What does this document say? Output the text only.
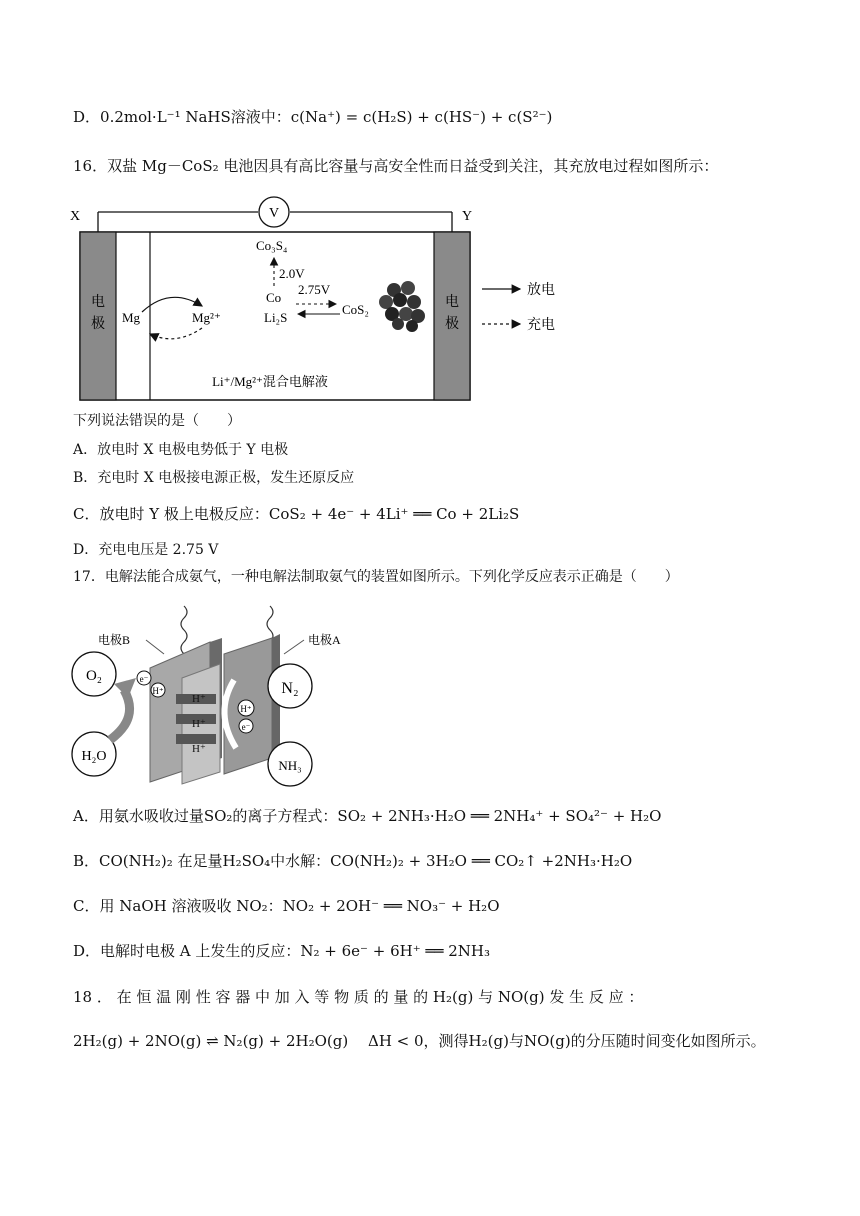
D．0.2mol·L⁻¹ NaHS溶液中：c(Na⁺) = c(H₂S) + c(HS⁻) + c(S²⁻)
16．双盐 Mg－CoS₂ 电池因具有高比容量与高安全性而日益受到关注，其充放电过程如图所示：
V
X	Y
电
极
电
极
Mg	Mg²⁺
Co₃S₄
2.0V
2.75V
Co
Li₂S
CoS₂
Li⁺/Mg²⁺混合电解液
放电
充电
下列说法错误的是（　　）
A．放电时 X 电极电势低于 Y 电极
B．充电时 X 电极接电源正极，发生还原反应
C．放电时 Y 极上电极反应：CoS₂ + 4e⁻ + 4Li⁺ ══ Co + 2Li₂S
D．充电电压是 2.75 V
17．电解法能合成氨气，一种电解法制取氨气的装置如图所示。下列化学反应表示正确是（　　）
电极B	电极A
H⁺
H⁺
H⁺
O₂
H₂O
e⁻
H⁺	N₂
NH₃
H⁺
e⁻
A．用氨水吸收过量SO₂的离子方程式：SO₂ + 2NH₃·H₂O ══ 2NH₄⁺ + SO₄²⁻ + H₂O
B．CO(NH₂)₂ 在足量H₂SO₄中水解：CO(NH₂)₂ + 3H₂O ══ CO₂↑ +2NH₃·H₂O
C．用 NaOH 溶液吸收 NO₂：NO₂ + 2OH⁻ ══ NO₃⁻ + H₂O
D．电解时电极 A 上发生的反应：N₂ + 6e⁻ + 6H⁺ ══ 2NH₃
18 ． 在 恒 温 刚 性 容 器 中 加 入 等 物 质 的 量 的 H₂(g) 与 NO(g) 发 生 反 应 ：
2H₂(g) + 2NO(g) ⇌ N₂(g) + 2H₂O(g)　 ΔH < 0，测得H₂(g)与NO(g)的分压随时间变化如图所示。
